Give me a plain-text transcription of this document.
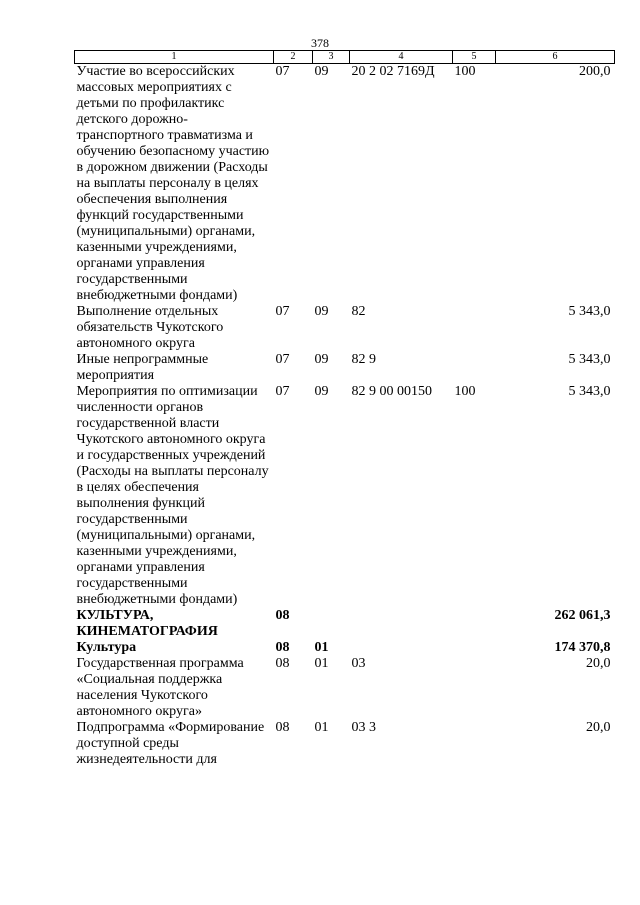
378
1	2	3	4	5	6
Участие во всероссийских массовых мероприятиях с детьми по профилактикс детского дорожно-транспортного травматизма и обучению безопасному участию в дорожном движении (Расходы на выплаты персоналу в целях обеспечения выполнения функций государственными (муниципальными) органами, казенными учреждениями, органами управления государственными внебюджетными фондами)	07	09	20 2 02 7169Д	100	200,0
Выполнение отдельных обязательств Чукотского автономного округа	07	09	82		5 343,0
Иные непрограммные мероприятия	07	09	82 9		5 343,0
Мероприятия по оптимизации численности органов государственной власти Чукотского автономного округа и государственных учреждений (Расходы на выплаты персоналу в целях обеспечения выполнения функций государственными (муниципальными) органами, казенными учреждениями, органами управления государственными внебюджетными фондами)	07	09	82 9 00 00150	100	5 343,0
КУЛЬТУРА, КИНЕМАТОГРАФИЯ	08				262 061,3
Культура	08	01			174 370,8
Государственная программа «Социальная поддержка населения Чукотского автономного округа»	08	01	03		20,0
Подпрограмма «Формирование доступной среды жизнедеятельности для	08	01	03 3		20,0
